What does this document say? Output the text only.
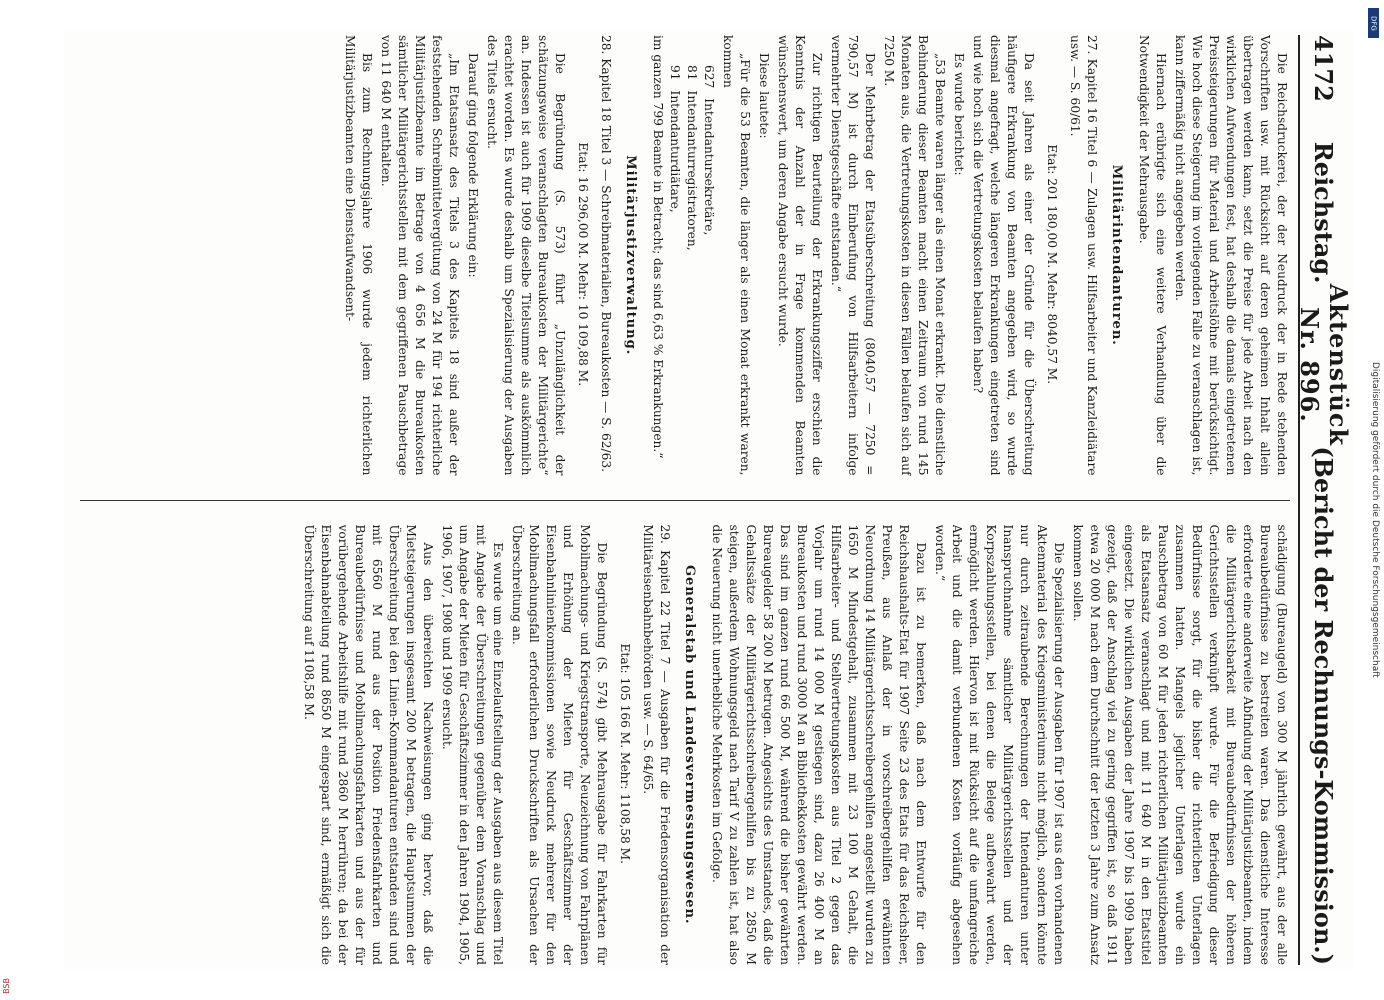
4172
Reichstag.
Aktenstück Nr. 896.
(Bericht der Rechnungs-Kommission.)

Die Reichsdruckerei, der der Neudruck der in Rede stehenden Vorschriften usw. mit Rücksicht auf deren geheimen Inhalt allein übertragen werden kann, setzt die Preise für jede Arbeit nach den wirklichen Aufwendungen fest, hat deshalb die damals eingetretenen Preissteigerungen für Material und Arbeitslöhne mit berücksichtigt. Wie hoch diese Steigerung im vorliegenden Falle zu veranschlagen ist, kann ziffermäßig nicht angegeben werden.

Hiernach erübrigte sich eine weitere Verhandlung über die Notwendigkeit der Mehrausgabe.

Militärintendanturen.

27. Kapitel 16 Titel 6 — Zulagen usw. Hilfsarbeiter und Kanzleidiätare usw. — S. 60/61.

Etat: 201 180,00 M. Mehr: 8040,57 M.

Da seit Jahren als einer der Gründe für die Überschreitung häufigere Erkrankung von Beamten angegeben wird, so wurde diesmal angefragt, welche längeren Erkrankungen eingetreten sind und wie hoch sich die Vertretungskosten belaufen haben?

Es wurde berichtet:

„53 Beamte waren länger als einen Monat erkrankt. Die dienstliche Behinderung dieser Beamten macht einen Zeitraum von rund 145 Monaten aus, die Vertretungskosten in diesen Fällen belaufen sich auf 7250 M.

Der Mehrbetrag der Etatsüberschreitung (8040,57 — 7250 = 790,57 M) ist durch Einberufung von Hilfsarbeitern infolge vermehrter Dienstgeschäfte entstanden.“

Zur richtigen Beurteilung der Erkrankungsziffer erschien die Kenntnis der Anzahl der in Frage kommenden Beamten wünschenswert, um deren Angabe ersucht wurde.

Diese lautete:

„Für die 53 Beamten, die länger als einen Monat erkrankt waren, kommen

627
Intendantursekretäre,
81
Intendanturregistratoren,
91
Intendanturdiätare,

im ganzen 799 Beamte in Betracht; das sind 6,63 % Erkrankungen.“

Militärjustizverwaltung.

28. Kapitel 18 Titel 3 — Schreibmaterialien, Bureaukosten — S. 62/63.

Etat: 16 296,00 M. Mehr: 10 109,88 M.

Die Begründung (S. 573) führt „Unzulänglichkeit der schätzungsweise veranschlagten Bureaukosten der Militärgerichte“ an. Indessen ist auch für 1909 dieselbe Titelsumme als auskömmlich erachtet worden. Es wurde deshalb um Spezialisierung der Ausgaben des Titels ersucht.

Darauf ging folgende Erklärung ein:

„Im Etatsansatz des Titels 3 des Kapitels 18 sind außer der feststehenden Schreibmittelvergütung von 24 M für 194 richterliche Militärjustizbeamte im Betrage von 4 656 M die Bureaukosten sämtlicher Militärgerichtsstellen mit dem gegriffenen Pauschbetrage von 11 640 M enthalten.

Bis zum Rechnungsjahre 1906 wurde jedem richterlichen Militärjustizbeamten eine Dienstaufwandsent-

schädigung (Bureaugeld) von 300 M jährlich gewährt, aus der alle Bureaubedürfnisse zu bestreiten waren. Das dienstliche Interesse erforderte eine anderweite Abfindung der Militärjustizbeamten, indem die Militärgerichtsbarkeit mit Bureaubedürfnissen der höheren Gerichtsstellen verknüpft wurde. Für die Befriedigung dieser Bedürfnisse sorgt, für die bisher die richterlichen Unterlagen zusammen hatten. Mangels jeglicher Unterlagen wurde ein Pauschbetrag von 60 M für jeden richterlichen Militärjustizbeamten als Etatsansatz veranschlagt und mit 11 640 M in den Etatstitel eingesetzt. Die wirklichen Ausgaben der Jahre 1907 bis 1909 haben gezeigt, daß der Anschlag viel zu gering gegriffen ist, so daß 1911 etwa 20 000 M nach dem Durchschnitt der letzten 3 Jahre zum Ansatz kommen sollen.

Die Spezialisierung der Ausgaben für 1907 ist aus den vorhandenen Aktenmaterial des Kriegsministeriums nicht möglich, sondern könnte nur durch zeitraubende Berechnungen der Intendanturen unter Inanspruchnahme sämtlicher Militärgerichtsstellen und der Korpszahlungsstellen, bei denen die Belege aufbewahrt werden, ermöglicht werden. Hiervon ist mit Rücksicht auf die umfangreiche Arbeit und die damit verbundenen Kosten vorläufig abgesehen worden.“

Dazu ist zu bemerken, daß nach dem Entwurfe für den Reichshaushalts-Etat für 1907 Seite 23 des Etats für das Reichsheer, Preußen, aus Anlaß der in vorschreibergehilfen erwähnten Neuordnung 14 Militärgerichtsschreibergehilfen angestellt wurden zu 1650 M Mindestgehalt, zusammen mit 23 100 M Gehalt, die Hilfsarbeiter- und Stellvertretungskosten aus Titel 2 gegen das Vorjahr um rund 14 000 M gestiegen sind, dazu 26 400 M an Bureaukosten und rund 3000 M an Bibliothekkosten gewährt werden. Das sind im ganzen rund 66 500 M, während die bisher gewährten Bureaugelder 58 200 M betrugen. Angesichts des Umstandes, daß die Gehaltssätze der Militärgerichtsschreibergehilfen bis zu 2850 M steigen, außerdem Wohnungsgeld nach Tarif V zu zahlen ist, hat also die Neuerung nicht unerhebliche Mehrkosten im Gefolge.

Generalstab und Landesvermessungswesen.

29. Kapitel 22 Titel 7 — Ausgaben für die Friedensorganisation der Militäreisenbahnbehörden usw. — S. 64/65.

Etat: 105 166 M. Mehr: 1108,58 M.

Die Begründung (S. 574) gibt Mehrausgabe für Fahrkarten für Mobilmachungs- und Kriegstransporte, Neuzeichnung von Fahrplänen und Erhöhung der Mieten für Geschäftszimmer der Eisenbahnlinienkommissionen sowie Neudruck mehrerer für den Mobilmachungsfall erforderlichen Druckschriften als Ursachen der Überschreitung an.

Es wurde um eine Einzelaufstellung der Ausgaben aus diesem Titel mit Angabe der Überschreitungen gegenüber dem Voranschlag und um Angabe der Mieten für Geschäftszimmer in den Jahren 1904, 1905, 1906, 1907, 1908 und 1909 ersucht.

Aus den übereichten Nachweisungen ging hervor, daß die Mietsteigerungen insgesamt 200 M betragen, die Hauptsummen der Überschreitung bei den Linien-Kommandanturen entstanden sind und mit 6560 M rund aus der Position Friedensfahrkarten und Bureaubedürfnisse und Mobilmachungsfahrkarten und aus der für vorübergehende Arbeitshilfe mit rund 2860 M herrühren; da bei der Eisenbahnabteilung rund 8650 M eingespart sind, ermäßigt sich die Überschreitung auf 1108,58 M.

DFG
Digitalisierung gefördert durch die Deutsche Forschungsgemeinschaft
BSB
